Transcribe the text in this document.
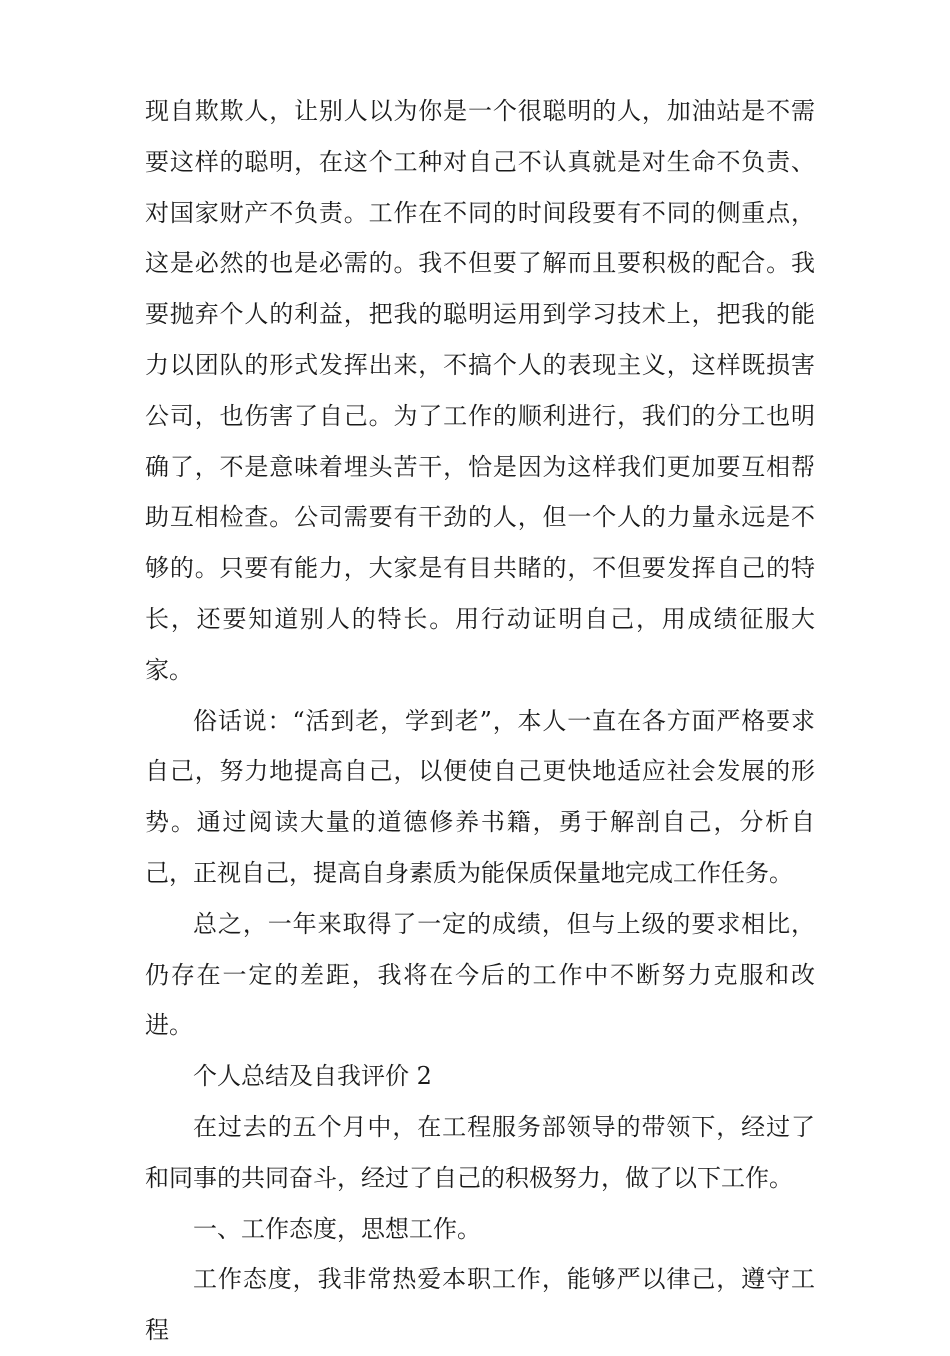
现自欺欺人，让别人以为你是一个很聪明的人，加油站是不需要这样的聪明，在这个工种对自己不认真就是对生命不负责、对国家财产不负责。工作在不同的时间段要有不同的侧重点，这是必然的也是必需的。我不但要了解而且要积极的配合。我要抛弃个人的利益，把我的聪明运用到学习技术上，把我的能力以团队的形式发挥出来，不搞个人的表现主义，这样既损害公司，也伤害了自己。为了工作的顺利进行，我们的分工也明确了，不是意味着埋头苦干，恰是因为这样我们更加要互相帮助互相检查。公司需要有干劲的人，但一个人的力量永远是不够的。只要有能力，大家是有目共睹的，不但要发挥自己的特长，还要知道别人的特长。用行动证明自己，用成绩征服大家。

俗话说：“活到老，学到老”，本人一直在各方面严格要求自己，努力地提高自己，以便使自己更快地适应社会发展的形势。通过阅读大量的道德修养书籍，勇于解剖自己，分析自己，正视自己，提高自身素质为能保质保量地完成工作任务。

总之，一年来取得了一定的成绩，但与上级的要求相比，仍存在一定的差距，我将在今后的工作中不断努力克服和改进。

个人总结及自我评价 2

在过去的五个月中，在工程服务部领导的带领下，经过了和同事的共同奋斗，经过了自己的积极努力，做了以下工作。

一、工作态度，思想工作。

工作态度，我非常热爱本职工作，能够严以律己，遵守工程
